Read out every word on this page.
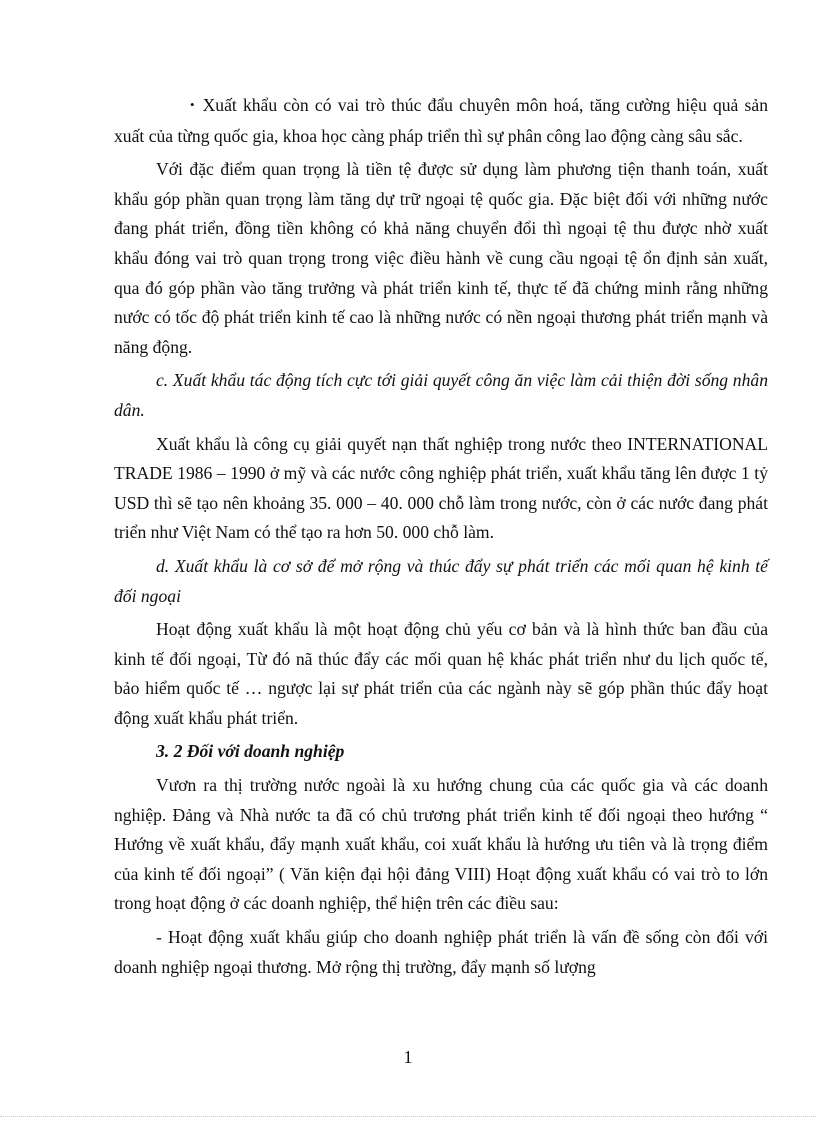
• Xuất khẩu còn có vai trò thúc đẩu chuyên môn hoá, tăng cường hiệu quả sản xuất của từng quốc gia, khoa học càng pháp triển thì sự phân công lao động càng sâu sắc.

Với đặc điểm quan trọng là tiền tệ được sử dụng làm phương tiện thanh toán, xuất khẩu góp phần quan trọng làm tăng dự trữ ngoại tệ quốc gia. Đặc biệt đối với những nước đang phát triển, đồng tiền không có khả năng chuyển đổi thì ngoại tệ thu được nhờ xuất khẩu đóng vai trò quan trọng trong việc điều hành về cung cầu ngoại tệ ổn định sản xuất, qua đó góp phần vào tăng trưởng và phát triển kinh tế, thực tế đã chứng minh rằng những nước có tốc độ phát triển kinh tế cao là những nước có nền ngoại thương phát triển mạnh và năng động.

c. Xuất khẩu tác động tích cực tới giải quyết công ăn việc làm cải thiện đời sống nhân dân.

Xuất khẩu là công cụ giải quyết nạn thất nghiệp trong nước theo INTERNATIONAL TRADE 1986 – 1990 ở mỹ và các nước công nghiệp phát triển, xuất khẩu tăng lên được 1 tỷ USD thì sẽ tạo nên khoảng 35. 000 – 40. 000 chỗ làm trong nước, còn ở các nước đang phát triển như Việt Nam có thể tạo ra hơn 50. 000 chỗ làm.

d. Xuất khẩu là cơ sở để mở rộng và thúc đẩy sự phát triển các mối quan hệ kinh tế đối ngoại

Hoạt động xuất khẩu là một hoạt động chủ yếu cơ bản và là hình thức ban đầu của kinh tế đối ngoại, Từ đó nã thúc đẩy các mối quan hệ khác phát triển như du lịch quốc tế, bảo hiểm quốc tế … ngược lại sự phát triển của các ngành này sẽ góp phần thúc đẩy hoạt động xuất khẩu phát triển.

3. 2 Đối với doanh nghiệp

Vươn ra thị trường nước ngoài là xu hướng chung của các quốc gia và các doanh nghiệp. Đảng và Nhà nước ta đã có chủ trương phát triển kinh tế đối ngoại theo hướng “ Hướng về xuất khẩu, đẩy mạnh xuất khẩu, coi xuất khẩu là hướng ưu tiên và là trọng điểm của kinh tế đối ngoại” ( Văn kiện đại hội đảng VIII) Hoạt động xuất khẩu có vai trò to lớn trong hoạt động ở các doanh nghiệp, thể hiện trên các điều sau:

- Hoạt động xuất khẩu giúp cho doanh nghiệp phát triển là vấn đề sống còn đối với doanh nghiệp ngoại thương. Mở rộng thị trường, đẩy mạnh số lượng

1
